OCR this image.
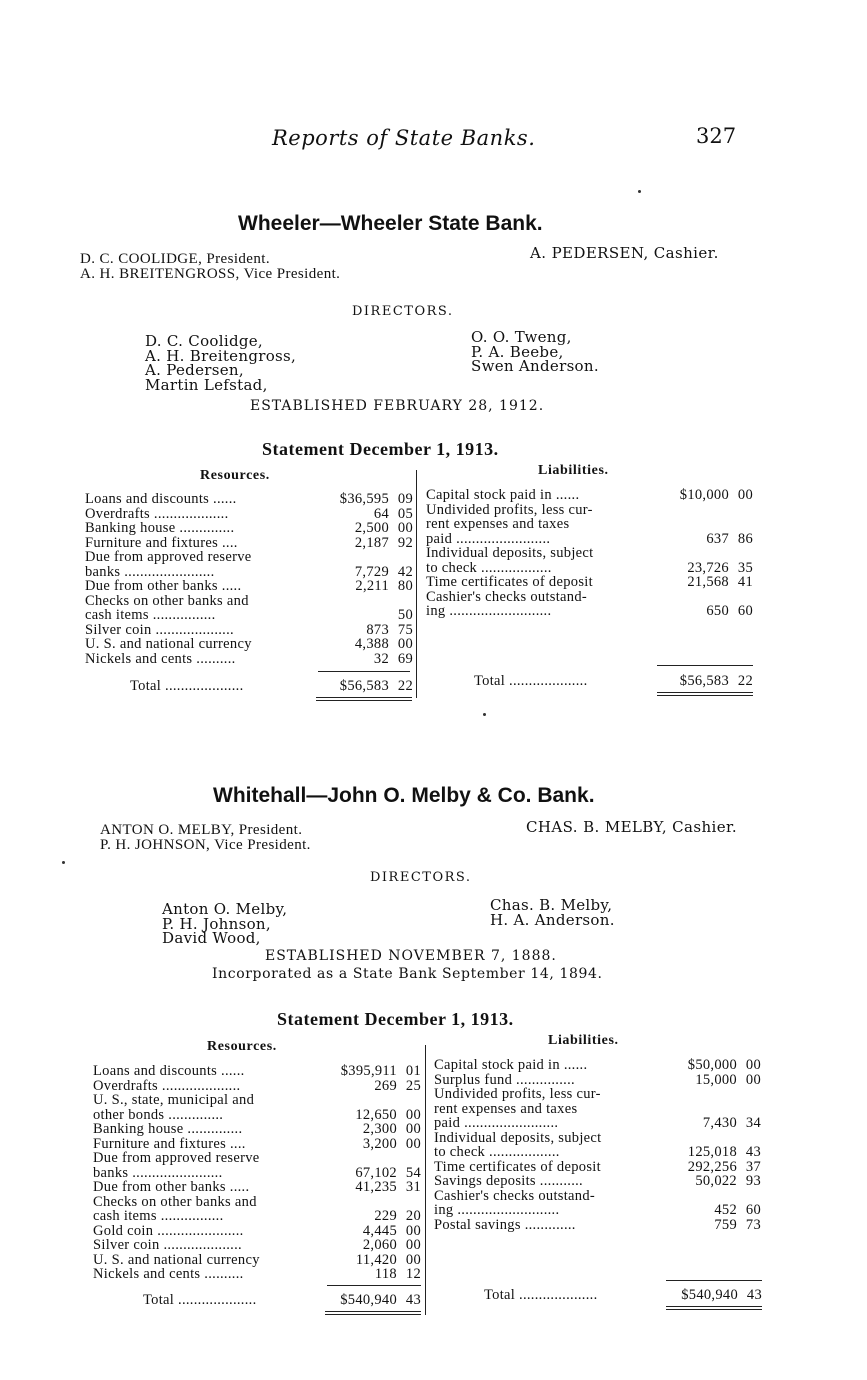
Reports of State Banks.	327
Wheeler—Wheeler State Bank.
D. C. COOLIDGE, President.
A. H. BREITENGROSS, Vice President.
A. PEDERSEN, Cashier.
DIRECTORS.
D. C. Coolidge,
A. H. Breitengross,
A. Pedersen,
Martin Lefstad,
O. O. Tweng,
P. A. Beebe,
Swen Anderson.
ESTABLISHED FEBRUARY 28, 1912.
Statement December 1, 1913.
Resources.	Liabilities.
Loans and discounts ......	$36,595 09
Overdrafts ...................	64 05
Banking house ..............	2,500 00
Furniture and fixtures ....	2,187 92
Due from approved reserve
banks .......................	7,729 42
Due from other banks .....	2,211 80
Checks on other banks and
cash items ................	50
Silver coin ....................	873 75
U. S. and national currency	4,388 00
Nickels and cents ..........	32 69
Total ....................	$56,583 22
Capital stock paid in ......	$10,000 00
Undivided profits, less cur-
rent expenses and taxes
paid ........................	637 86
Individual deposits, subject
to check ..................	23,726 35
Time certificates of deposit	21,568 41
Cashier's checks outstand-
ing ..........................	650 60
Total ....................	$56,583 22
Whitehall—John O. Melby & Co. Bank.
ANTON O. MELBY, President.
P. H. JOHNSON, Vice President.
CHAS. B. MELBY, Cashier.
DIRECTORS.
Anton O. Melby,
P. H. Johnson,
David Wood,
Chas. B. Melby,
H. A. Anderson.
ESTABLISHED NOVEMBER 7, 1888.
Incorporated as a State Bank September 14, 1894.
Statement December 1, 1913.
Resources.	Liabilities.
Loans and discounts ......	$395,911 01
Overdrafts ....................	269 25
U. S., state, municipal and
other bonds ..............	12,650 00
Banking house ..............	2,300 00
Furniture and fixtures ....	3,200 00
Due from approved reserve
banks .......................	67,102 54
Due from other banks .....	41,235 31
Checks on other banks and
cash items ................	229 20
Gold coin ......................	4,445 00
Silver coin ....................	2,060 00
U. S. and national currency	11,420 00
Nickels and cents ..........	118 12
Total ....................	$540,940 43
Capital stock paid in ......	$50,000 00
Surplus fund ...............	15,000 00
Undivided profits, less cur-
rent expenses and taxes
paid ........................	7,430 34
Individual deposits, subject
to check ..................	125,018 43
Time certificates of deposit	292,256 37
Savings deposits ...........	50,022 93
Cashier's checks outstand-
ing ..........................	452 60
Postal savings .............	759 73
Total ....................	$540,940 43
